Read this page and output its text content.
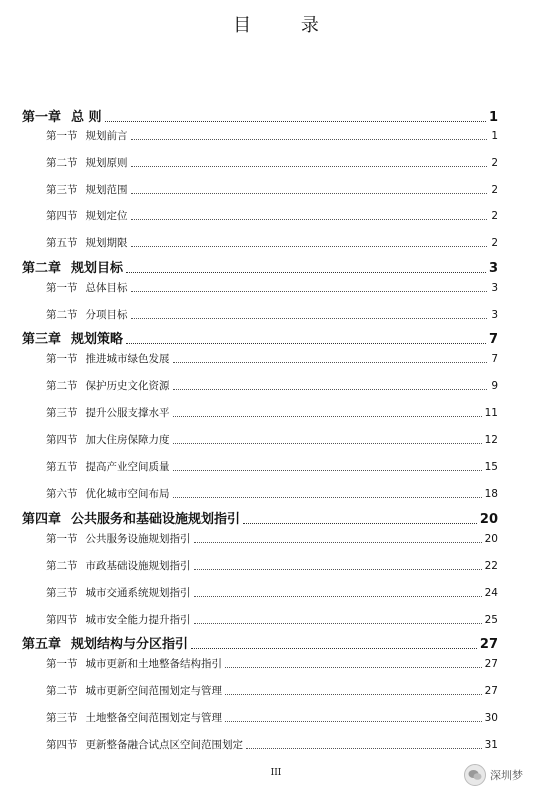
目 录
第一章 总 则	1
第一节 规划前言	1
第二节 规划原则	2
第三节 规划范围	2
第四节 规划定位	2
第五节 规划期限	2
第二章 规划目标	3
第一节 总体目标	3
第二节 分项目标	3
第三章 规划策略	7
第一节 推进城市绿色发展	7
第二节 保护历史文化资源	9
第三节 提升公服支撑水平	11
第四节 加大住房保障力度	12
第五节 提高产业空间质量	15
第六节 优化城市空间布局	18
第四章 公共服务和基础设施规划指引	20
第一节 公共服务设施规划指引	20
第二节 市政基础设施规划指引	22
第三节 城市交通系统规划指引	24
第四节 城市安全能力提升指引	25
第五章 规划结构与分区指引	27
第一节 城市更新和土地整备结构指引	27
第二节 城市更新空间范围划定与管理	27
第三节 土地整备空间范围划定与管理	30
第四节 更新整备融合试点区空间范围划定	31
III	深圳梦
